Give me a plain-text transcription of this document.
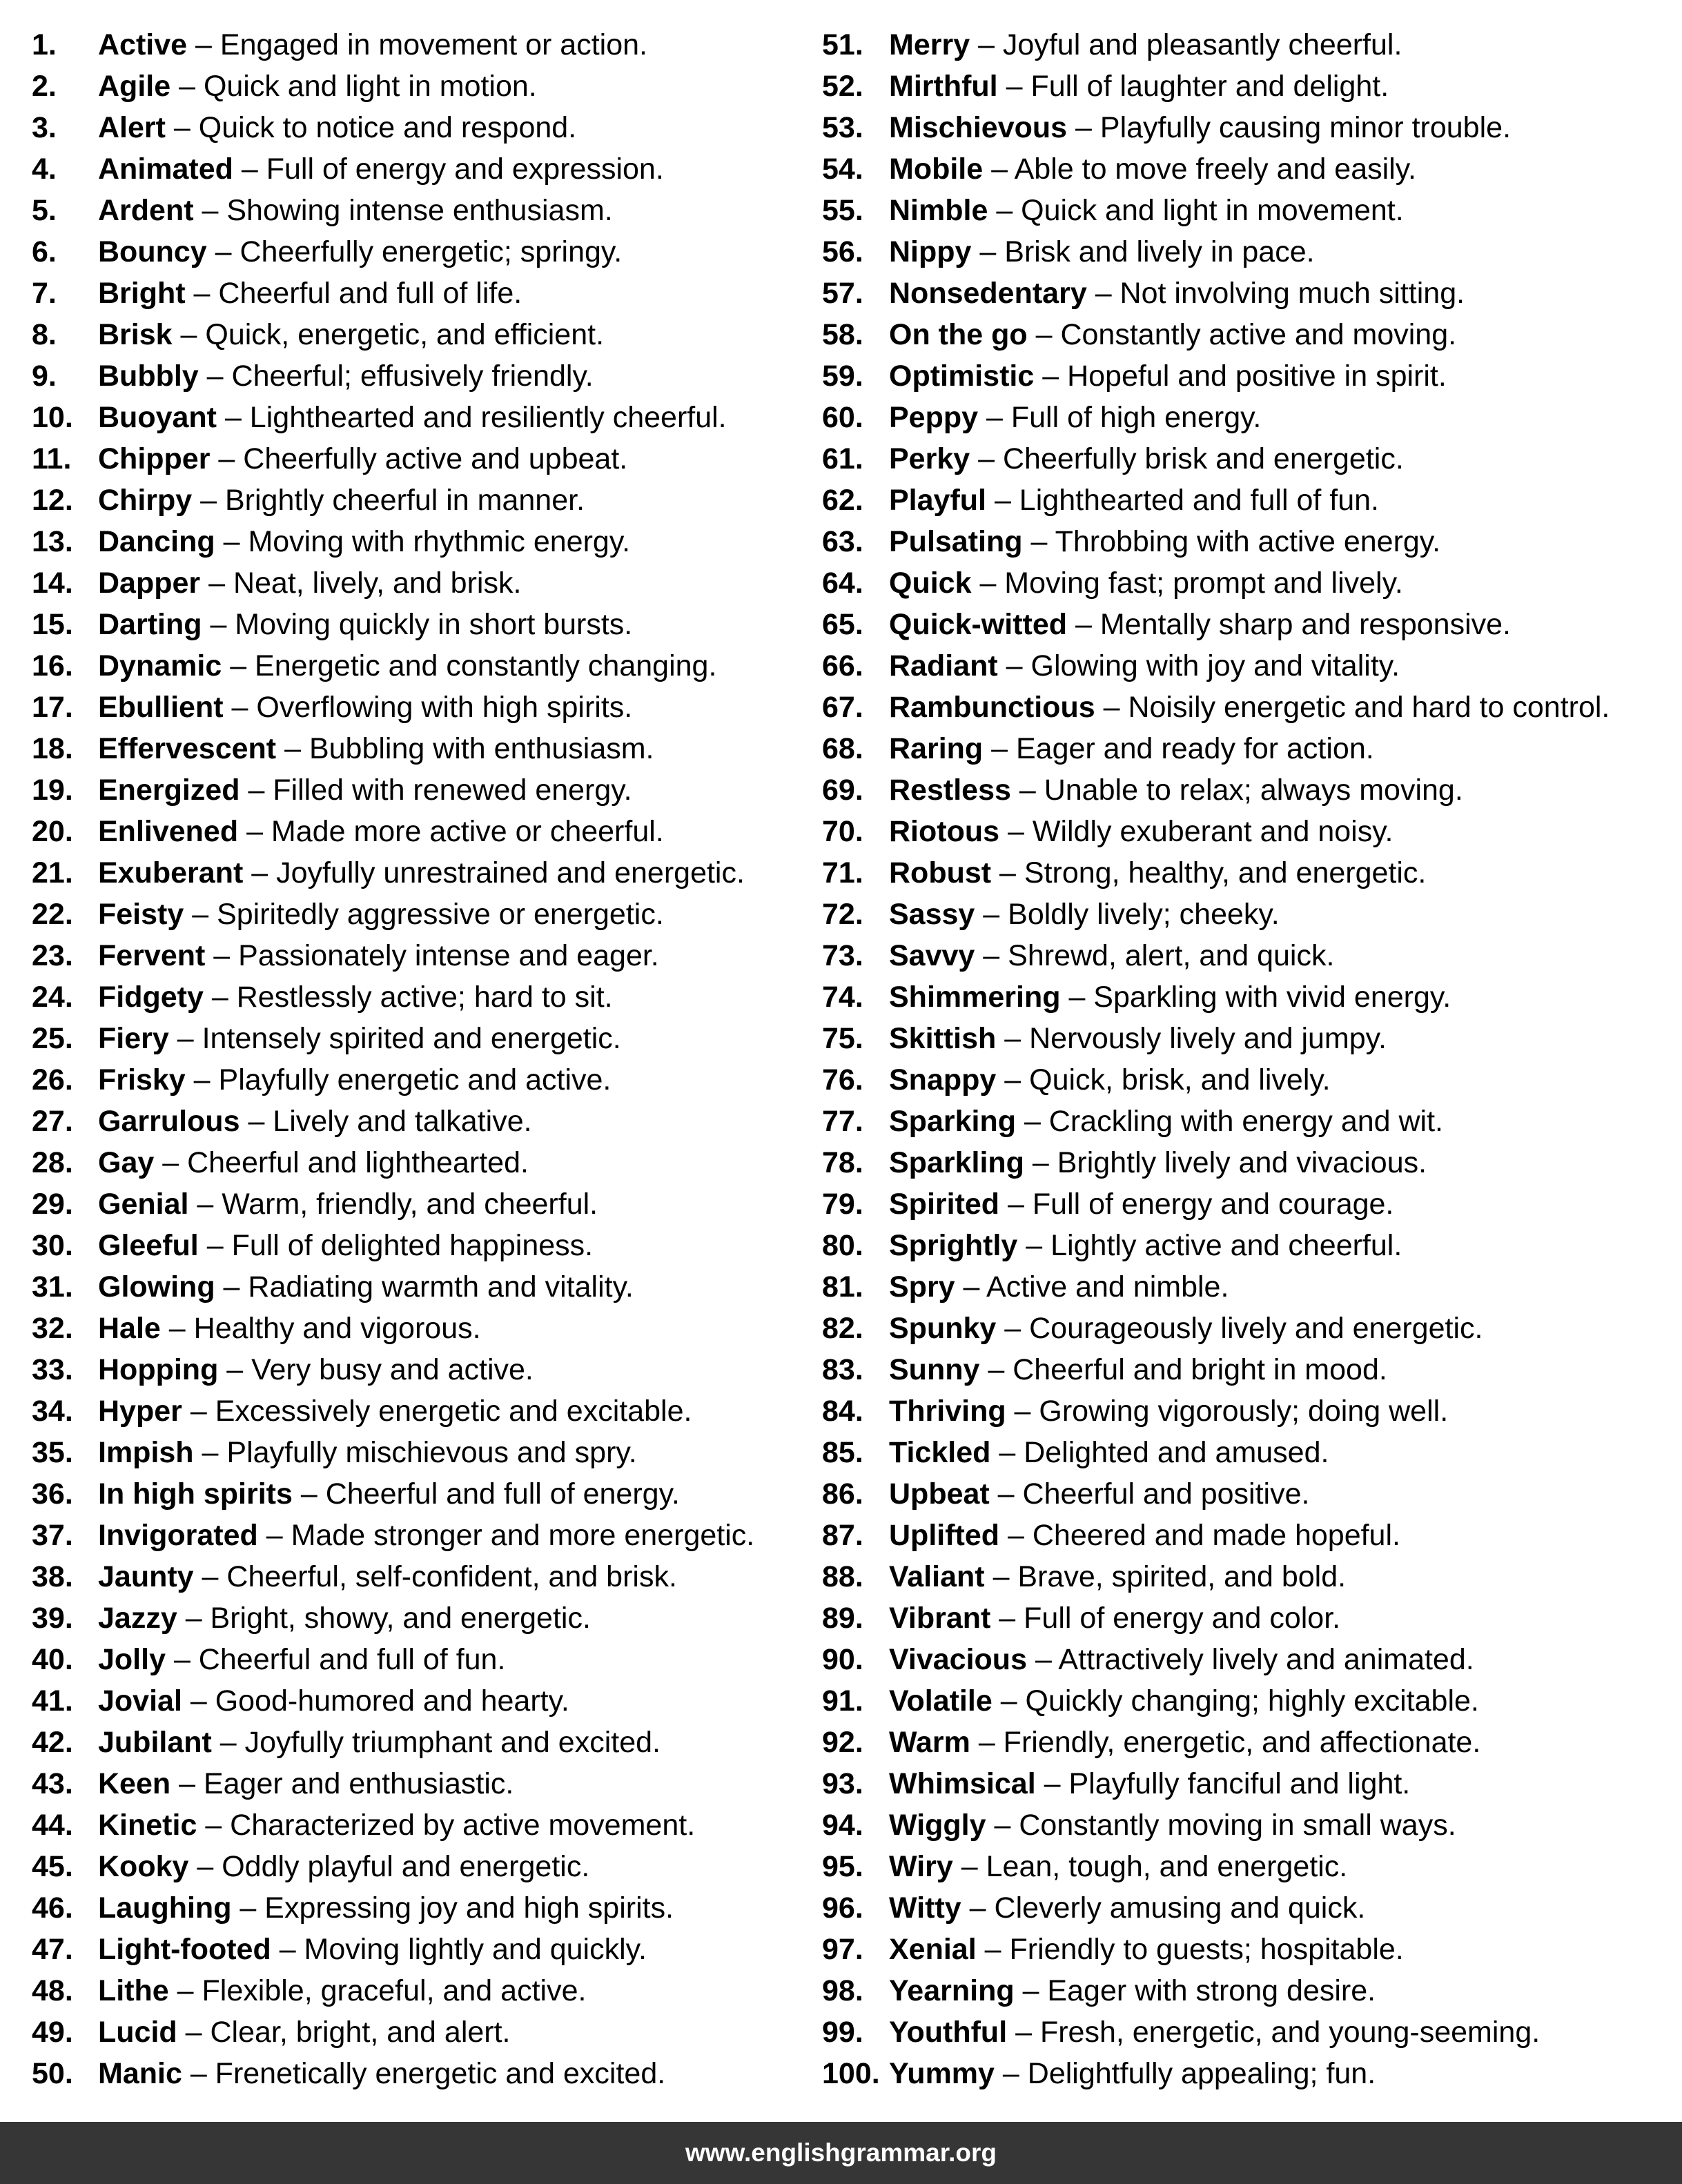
1. Active – Engaged in movement or action.
2. Agile – Quick and light in motion.
3. Alert – Quick to notice and respond.
4. Animated – Full of energy and expression.
5. Ardent – Showing intense enthusiasm.
6. Bouncy – Cheerfully energetic; springy.
7. Bright – Cheerful and full of life.
8. Brisk – Quick, energetic, and efficient.
9. Bubbly – Cheerful; effusively friendly.
10. Buoyant – Lighthearted and resiliently cheerful.
11. Chipper – Cheerfully active and upbeat.
12. Chirpy – Brightly cheerful in manner.
13. Dancing – Moving with rhythmic energy.
14. Dapper – Neat, lively, and brisk.
15. Darting – Moving quickly in short bursts.
16. Dynamic – Energetic and constantly changing.
17. Ebullient – Overflowing with high spirits.
18. Effervescent – Bubbling with enthusiasm.
19. Energized – Filled with renewed energy.
20. Enlivened – Made more active or cheerful.
21. Exuberant – Joyfully unrestrained and energetic.
22. Feisty – Spiritedly aggressive or energetic.
23. Fervent – Passionately intense and eager.
24. Fidgety – Restlessly active; hard to sit.
25. Fiery – Intensely spirited and energetic.
26. Frisky – Playfully energetic and active.
27. Garrulous – Lively and talkative.
28. Gay – Cheerful and lighthearted.
29. Genial – Warm, friendly, and cheerful.
30. Gleeful – Full of delighted happiness.
31. Glowing – Radiating warmth and vitality.
32. Hale – Healthy and vigorous.
33. Hopping – Very busy and active.
34. Hyper – Excessively energetic and excitable.
35. Impish – Playfully mischievous and spry.
36. In high spirits – Cheerful and full of energy.
37. Invigorated – Made stronger and more energetic.
38. Jaunty – Cheerful, self-confident, and brisk.
39. Jazzy – Bright, showy, and energetic.
40. Jolly – Cheerful and full of fun.
41. Jovial – Good-humored and hearty.
42. Jubilant – Joyfully triumphant and excited.
43. Keen – Eager and enthusiastic.
44. Kinetic – Characterized by active movement.
45. Kooky – Oddly playful and energetic.
46. Laughing – Expressing joy and high spirits.
47. Light-footed – Moving lightly and quickly.
48. Lithe – Flexible, graceful, and active.
49. Lucid – Clear, bright, and alert.
50. Manic – Frenetically energetic and excited.
51. Merry – Joyful and pleasantly cheerful.
52. Mirthful – Full of laughter and delight.
53. Mischievous – Playfully causing minor trouble.
54. Mobile – Able to move freely and easily.
55. Nimble – Quick and light in movement.
56. Nippy – Brisk and lively in pace.
57. Nonsedentary – Not involving much sitting.
58. On the go – Constantly active and moving.
59. Optimistic – Hopeful and positive in spirit.
60. Peppy – Full of high energy.
61. Perky – Cheerfully brisk and energetic.
62. Playful – Lighthearted and full of fun.
63. Pulsating – Throbbing with active energy.
64. Quick – Moving fast; prompt and lively.
65. Quick-witted – Mentally sharp and responsive.
66. Radiant – Glowing with joy and vitality.
67. Rambunctious – Noisily energetic and hard to control.
68. Raring – Eager and ready for action.
69. Restless – Unable to relax; always moving.
70. Riotous – Wildly exuberant and noisy.
71. Robust – Strong, healthy, and energetic.
72. Sassy – Boldly lively; cheeky.
73. Savvy – Shrewd, alert, and quick.
74. Shimmering – Sparkling with vivid energy.
75. Skittish – Nervously lively and jumpy.
76. Snappy – Quick, brisk, and lively.
77. Sparking – Crackling with energy and wit.
78. Sparkling – Brightly lively and vivacious.
79. Spirited – Full of energy and courage.
80. Sprightly – Lightly active and cheerful.
81. Spry – Active and nimble.
82. Spunky – Courageously lively and energetic.
83. Sunny – Cheerful and bright in mood.
84. Thriving – Growing vigorously; doing well.
85. Tickled – Delighted and amused.
86. Upbeat – Cheerful and positive.
87. Uplifted – Cheered and made hopeful.
88. Valiant – Brave, spirited, and bold.
89. Vibrant – Full of energy and color.
90. Vivacious – Attractively lively and animated.
91. Volatile – Quickly changing; highly excitable.
92. Warm – Friendly, energetic, and affectionate.
93. Whimsical – Playfully fanciful and light.
94. Wiggly – Constantly moving in small ways.
95. Wiry – Lean, tough, and energetic.
96. Witty – Cleverly amusing and quick.
97. Xenial – Friendly to guests; hospitable.
98. Yearning – Eager with strong desire.
99. Youthful – Fresh, energetic, and young-seeming.
100. Yummy – Delightfully appealing; fun.
www.englishgrammar.org
